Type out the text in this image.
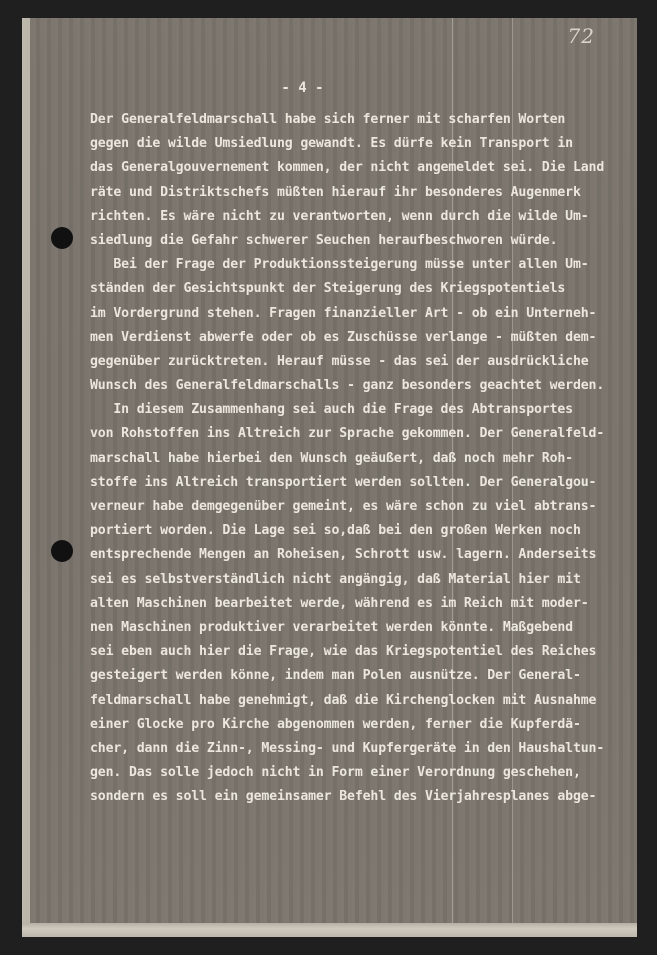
72
- 4 -
Der Generalfeldmarschall habe sich ferner mit scharfen Worten
gegen die wilde Umsiedlung gewandt. Es dürfe kein Transport in
das Generalgouvernement kommen, der nicht angemeldet sei. Die Land
räte und Distriktschefs müßten hierauf ihr besonderes Augenmerk
richten. Es wäre nicht zu verantworten, wenn durch die wilde Um-
siedlung die Gefahr schwerer Seuchen heraufbeschworen würde.
Bei der Frage der Produktionssteigerung müsse unter allen Um-
ständen der Gesichtspunkt der Steigerung des Kriegspotentiels
im Vordergrund stehen. Fragen finanzieller Art - ob ein Unterneh-
men Verdienst abwerfe oder ob es Zuschüsse verlange - müßten dem-
gegenüber zurücktreten. Herauf müsse - das sei der ausdrückliche
Wunsch des Generalfeldmarschalls - ganz besonders geachtet werden.
In diesem Zusammenhang sei auch die Frage des Abtransportes
von Rohstoffen ins Altreich zur Sprache gekommen. Der Generalfeld-
marschall habe hierbei den Wunsch geäußert, daß noch mehr Roh-
stoffe ins Altreich transportiert werden sollten. Der Generalgou-
verneur habe demgegenüber gemeint, es wäre schon zu viel abtrans-
portiert worden. Die Lage sei so,daß bei den großen Werken noch
entsprechende Mengen an Roheisen, Schrott usw. lagern. Anderseits
sei es selbstverständlich nicht angängig, daß Material hier mit
alten Maschinen bearbeitet werde, während es im Reich mit moder-
nen Maschinen produktiver verarbeitet werden könnte. Maßgebend
sei eben auch hier die Frage, wie das Kriegspotentiel des Reiches
gesteigert werden könne, indem man Polen ausnütze. Der General-
feldmarschall habe genehmigt, daß die Kirchenglocken mit Ausnahme
einer Glocke pro Kirche abgenommen werden, ferner die Kupferdä-
cher, dann die Zinn-, Messing- und Kupfergeräte in den Haushaltun-
gen. Das solle jedoch nicht in Form einer Verordnung geschehen,
sondern es soll ein gemeinsamer Befehl des Vierjahresplanes abge-
